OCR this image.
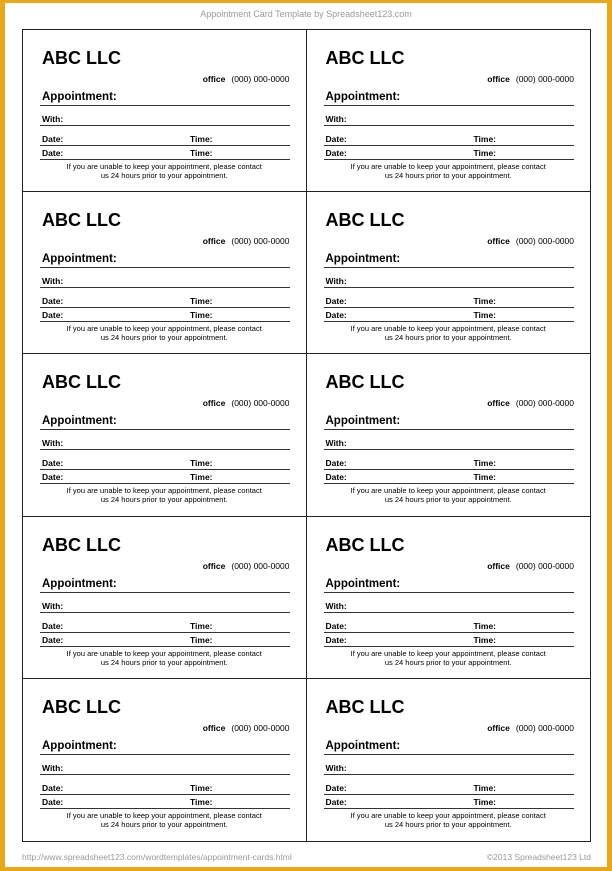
Appointment Card Template by Spreadsheet123.com
ABC LLC
office (000) 000-0000
Appointment:
With:
Date:	Time:
Date:	Time:
If you are unable to keep your appointment, please contact
us 24 hours prior to your appointment.
ABC LLC
office (000) 000-0000
Appointment:
With:
Date:	Time:
Date:	Time:
If you are unable to keep your appointment, please contact
us 24 hours prior to your appointment.
ABC LLC
office (000) 000-0000
Appointment:
With:
Date:	Time:
Date:	Time:
If you are unable to keep your appointment, please contact
us 24 hours prior to your appointment.
ABC LLC
office (000) 000-0000
Appointment:
With:
Date:	Time:
Date:	Time:
If you are unable to keep your appointment, please contact
us 24 hours prior to your appointment.
ABC LLC
office (000) 000-0000
Appointment:
With:
Date:	Time:
Date:	Time:
If you are unable to keep your appointment, please contact
us 24 hours prior to your appointment.
ABC LLC
office (000) 000-0000
Appointment:
With:
Date:	Time:
Date:	Time:
If you are unable to keep your appointment, please contact
us 24 hours prior to your appointment.
ABC LLC
office (000) 000-0000
Appointment:
With:
Date:	Time:
Date:	Time:
If you are unable to keep your appointment, please contact
us 24 hours prior to your appointment.
ABC LLC
office (000) 000-0000
Appointment:
With:
Date:	Time:
Date:	Time:
If you are unable to keep your appointment, please contact
us 24 hours prior to your appointment.
ABC LLC
office (000) 000-0000
Appointment:
With:
Date:	Time:
Date:	Time:
If you are unable to keep your appointment, please contact
us 24 hours prior to your appointment.
ABC LLC
office (000) 000-0000
Appointment:
With:
Date:	Time:
Date:	Time:
If you are unable to keep your appointment, please contact
us 24 hours prior to your appointment.
http://www.spreadsheet123.com/wordtemplates/appointment-cards.html	©2013 Spreadsheet123 Ltd
